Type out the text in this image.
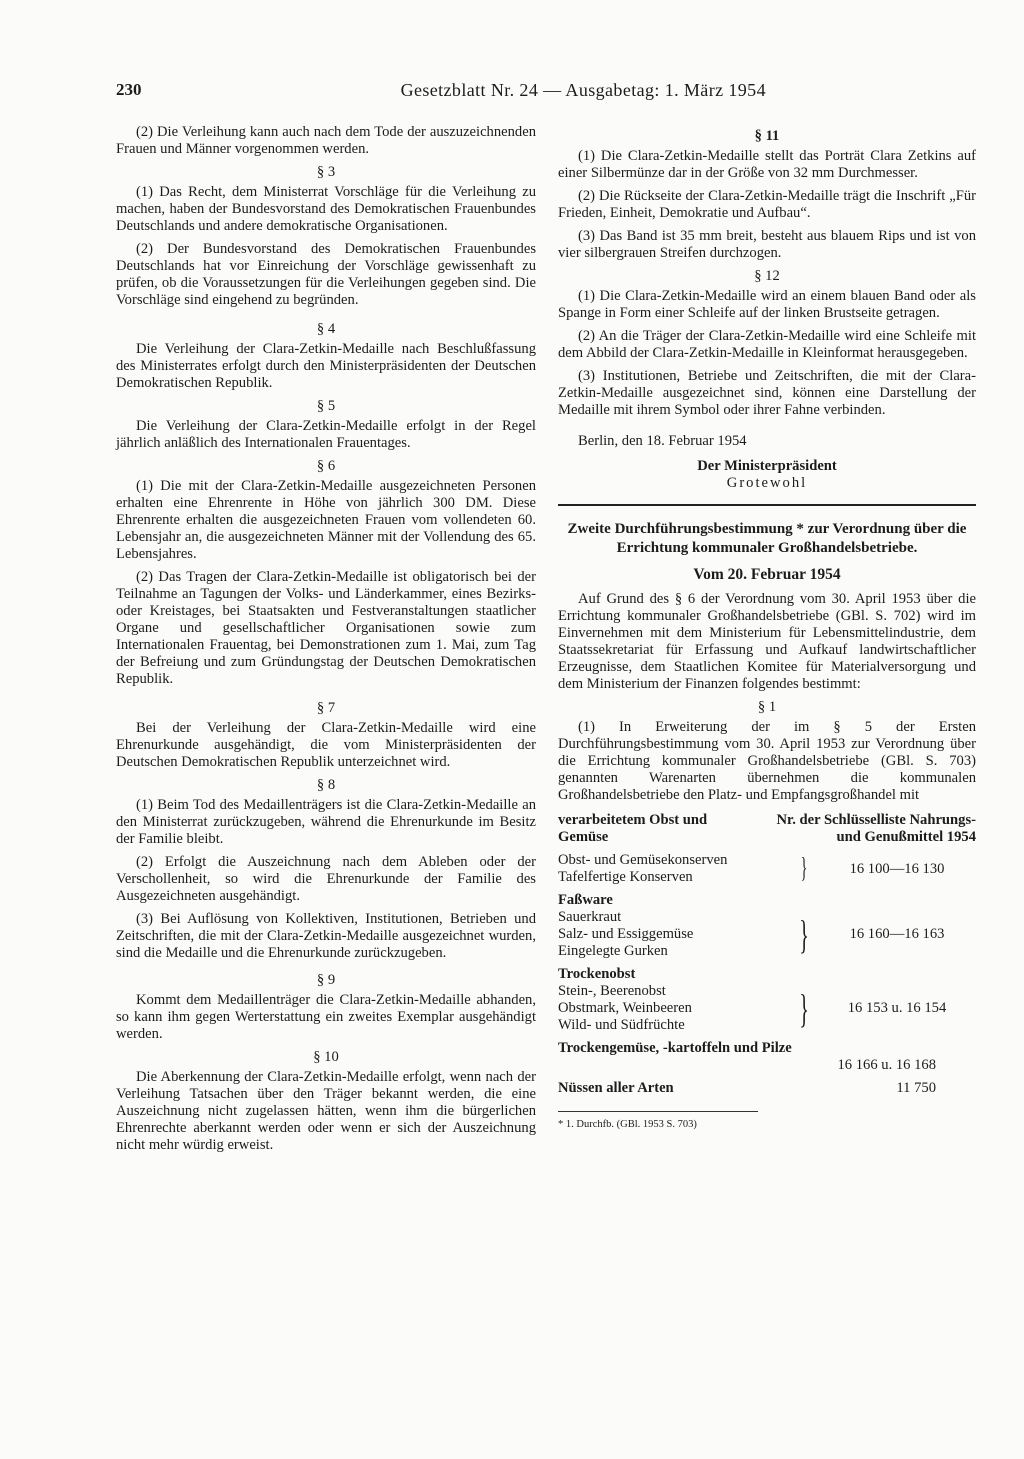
230	Gesetzblatt Nr. 24 — Ausgabetag: 1. März 1954

(2) Die Verleihung kann auch nach dem Tode der auszuzeichnenden Frauen und Männer vorgenommen werden.

§ 3

(1) Das Recht, dem Ministerrat Vorschläge für die Verleihung zu machen, haben der Bundesvorstand des Demokratischen Frauenbundes Deutschlands und andere demokratische Organisationen.

(2) Der Bundesvorstand des Demokratischen Frauenbundes Deutschlands hat vor Einreichung der Vorschläge gewissenhaft zu prüfen, ob die Voraussetzungen für die Verleihungen gegeben sind. Die Vorschläge sind eingehend zu begründen.

§ 4

Die Verleihung der Clara-Zetkin-Medaille nach Beschlußfassung des Ministerrates erfolgt durch den Ministerpräsidenten der Deutschen Demokratischen Republik.

§ 5

Die Verleihung der Clara-Zetkin-Medaille erfolgt in der Regel jährlich anläßlich des Internationalen Frauentages.

§ 6

(1) Die mit der Clara-Zetkin-Medaille ausgezeichneten Personen erhalten eine Ehrenrente in Höhe von jährlich 300 DM. Diese Ehrenrente erhalten die ausgezeichneten Frauen vom vollendeten 60. Lebensjahr an, die ausgezeichneten Männer mit der Vollendung des 65. Lebensjahres.

(2) Das Tragen der Clara-Zetkin-Medaille ist obligatorisch bei der Teilnahme an Tagungen der Volks- und Länderkammer, eines Bezirks- oder Kreistages, bei Staatsakten und Festveranstaltungen staatlicher Organe und gesellschaftlicher Organisationen sowie zum Internationalen Frauentag, bei Demonstrationen zum 1. Mai, zum Tag der Befreiung und zum Gründungstag der Deutschen Demokratischen Republik.

§ 7

Bei der Verleihung der Clara-Zetkin-Medaille wird eine Ehrenurkunde ausgehändigt, die vom Ministerpräsidenten der Deutschen Demokratischen Republik unterzeichnet wird.

§ 8

(1) Beim Tod des Medaillenträgers ist die Clara-Zetkin-Medaille an den Ministerrat zurückzugeben, während die Ehrenurkunde im Besitz der Familie bleibt.

(2) Erfolgt die Auszeichnung nach dem Ableben oder der Verschollenheit, so wird die Ehrenurkunde der Familie des Ausgezeichneten ausgehändigt.

(3) Bei Auflösung von Kollektiven, Institutionen, Betrieben und Zeitschriften, die mit der Clara-Zetkin-Medaille ausgezeichnet wurden, sind die Medaille und die Ehrenurkunde zurückzugeben.

§ 9

Kommt dem Medaillenträger die Clara-Zetkin-Medaille abhanden, so kann ihm gegen Werterstattung ein zweites Exemplar ausgehändigt werden.

§ 10

Die Aberkennung der Clara-Zetkin-Medaille erfolgt, wenn nach der Verleihung Tatsachen über den Träger bekannt werden, die eine Auszeichnung nicht zugelassen hätten, wenn ihm die bürgerlichen Ehrenrechte aberkannt werden oder wenn er sich der Auszeichnung nicht mehr würdig erweist.

§ 11

(1) Die Clara-Zetkin-Medaille stellt das Porträt Clara Zetkins auf einer Silbermünze dar in der Größe von 32 mm Durchmesser.

(2) Die Rückseite der Clara-Zetkin-Medaille trägt die Inschrift „Für Frieden, Einheit, Demokratie und Aufbau“.

(3) Das Band ist 35 mm breit, besteht aus blauem Rips und ist von vier silbergrauen Streifen durchzogen.

§ 12

(1) Die Clara-Zetkin-Medaille wird an einem blauen Band oder als Spange in Form einer Schleife auf der linken Brustseite getragen.

(2) An die Träger der Clara-Zetkin-Medaille wird eine Schleife mit dem Abbild der Clara-Zetkin-Medaille in Kleinformat herausgegeben.

(3) Institutionen, Betriebe und Zeitschriften, die mit der Clara-Zetkin-Medaille ausgezeichnet sind, können eine Darstellung der Medaille mit ihrem Symbol oder ihrer Fahne verbinden.

Berlin, den 18. Februar 1954

Der Ministerpräsident
Grotewohl
Zweite Durchführungsbestimmung * zur Verordnung über die Errichtung kommunaler Großhandelsbetriebe.
Vom 20. Februar 1954

Auf Grund des § 6 der Verordnung vom 30. April 1953 über die Errichtung kommunaler Großhandelsbetriebe (GBl. S. 702) wird im Einvernehmen mit dem Ministerium für Lebensmittelindustrie, dem Staatssekretariat für Erfassung und Aufkauf landwirtschaftlicher Erzeugnisse, dem Staatlichen Komitee für Materialversorgung und dem Ministerium der Finanzen folgendes bestimmt:

§ 1

(1) In Erweiterung der im § 5 der Ersten Durchführungsbestimmung vom 30. April 1953 zur Verordnung über die Errichtung kommunaler Großhandelsbetriebe (GBl. S. 703) genannten Warenarten übernehmen die kommunalen Großhandelsbetriebe den Platz- und Empfangsgroßhandel mit

verarbeitetem Obst und Gemüse
Nr. der Schlüsselliste Nahrungs- und Genußmittel 1954
Obst- und Gemüsekonserven
Tafelfertige Konserven	}	16 100—16 130
Faßware
Sauerkraut
Salz- und Essiggemüse
Eingelegte Gurken	}	16 160—16 163
Trockenobst
Stein-, Beerenobst
Obstmark, Weinbeeren
Wild- und Südfrüchte	}	16 153 u. 16 154
Trockengemüse, -kartoffeln und Pilze
16 166 u. 16 168
Nüssen aller Arten	11 750
* 1. Durchfb. (GBl. 1953 S. 703)
